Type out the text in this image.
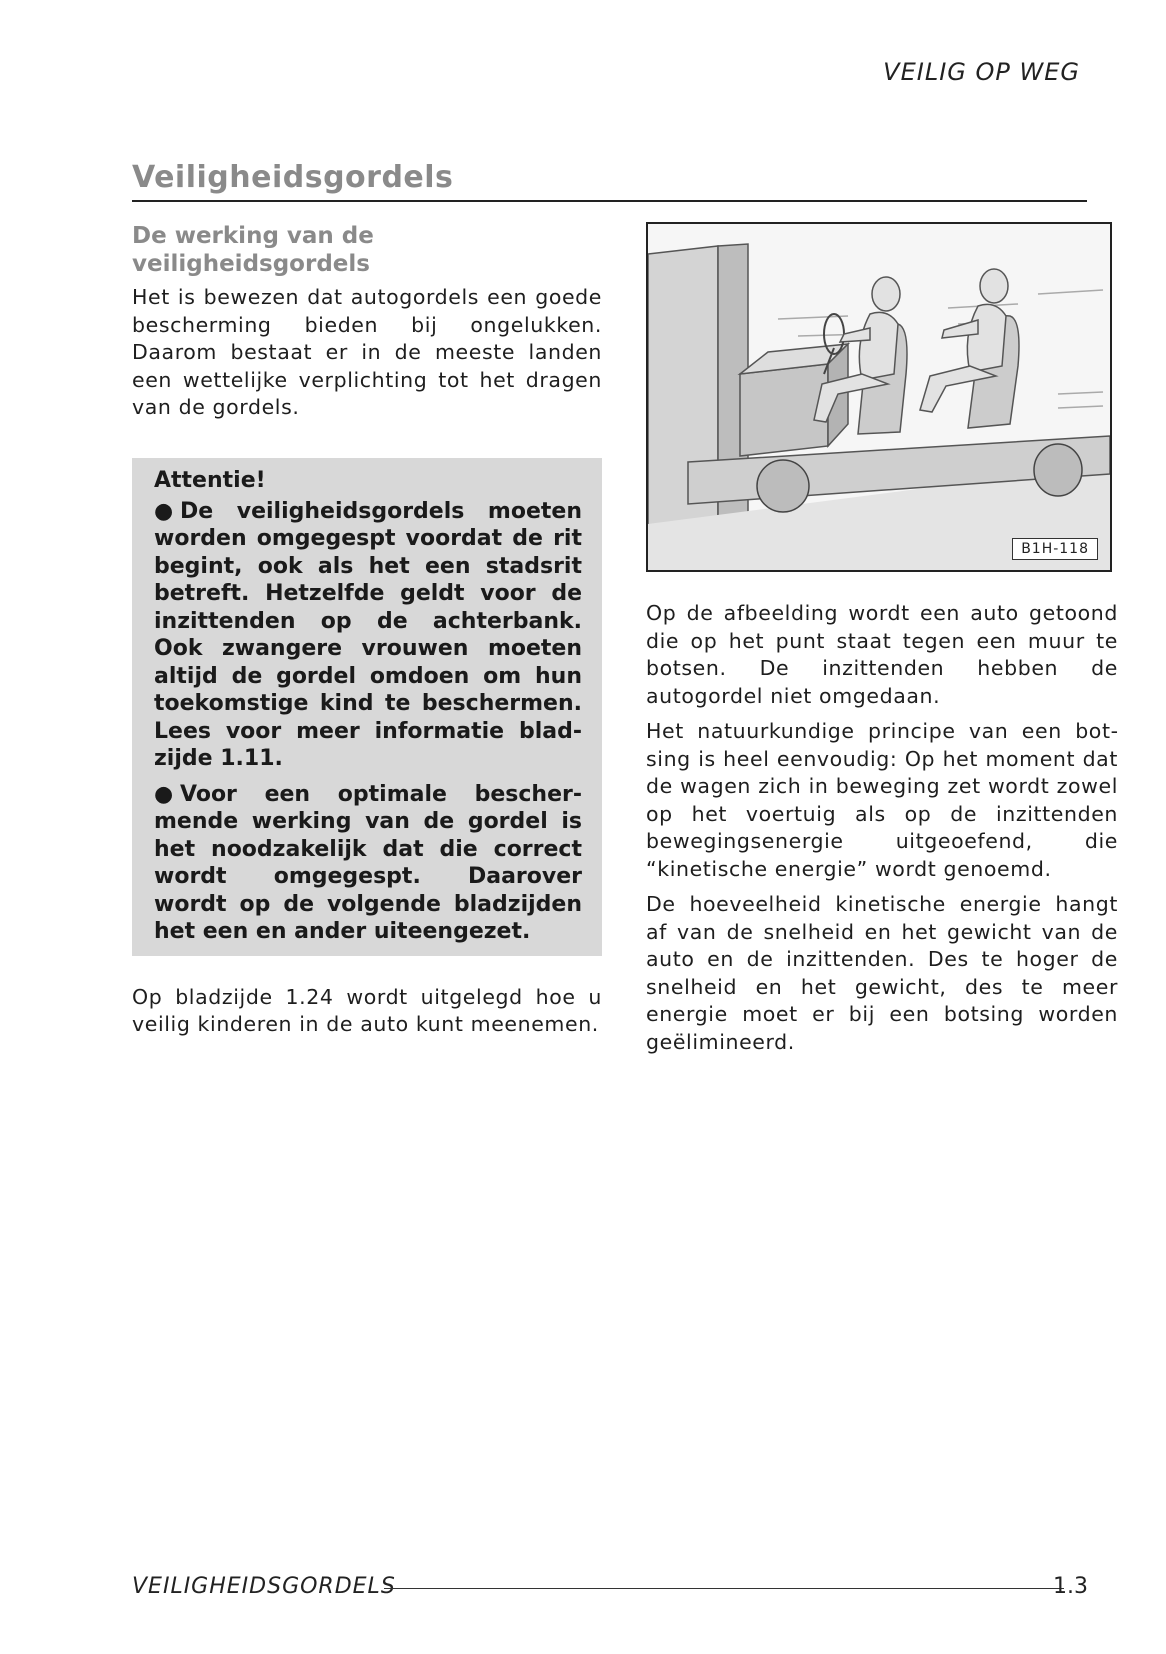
VEILIG OP WEG
Veiligheidsgordels
De werking van de veiligheidsgordels

Het is bewezen dat autogordels een goede bescherming bieden bij ongelukken. Daarom bestaat er in de meeste landen een wettelijke verplichting tot het dragen van de gordels.

Attentie!

● De veiligheidsgordels moeten worden omgegespt voordat de rit begint, ook als het een stadsrit betreft. Hetzelfde geldt voor de inzittenden op de achterbank. Ook zwangere vrouwen moeten altijd de gordel omdoen om hun toekomstige kind te beschermen. Lees voor meer informatie bladzijde 1.11.

● Voor een optimale beschermende werking van de gordel is het noodzakelijk dat die correct wordt omgegespt. Daarover wordt op de volgende bladzijden het een en ander uiteengezet.

Op bladzijde 1.24 wordt uitgelegd hoe u veilig kinderen in de auto kunt meenemen.

B1H-118

Op de afbeelding wordt een auto getoond die op het punt staat tegen een muur te botsen. De inzittenden hebben de autogordel niet omgedaan.

Het natuurkundige principe van een botsing is heel eenvoudig: Op het moment dat de wagen zich in beweging zet wordt zowel op het voertuig als op de inzittenden bewegingsenergie uitgeoefend, die “kinetische energie” wordt genoemd.

De hoeveelheid kinetische energie hangt af van de snelheid en het gewicht van de auto en de inzittenden. Des te hoger de snelheid en het gewicht, des te meer energie moet er bij een botsing worden geëlimineerd.

VEILIGHEIDSGORDELS	1.3
